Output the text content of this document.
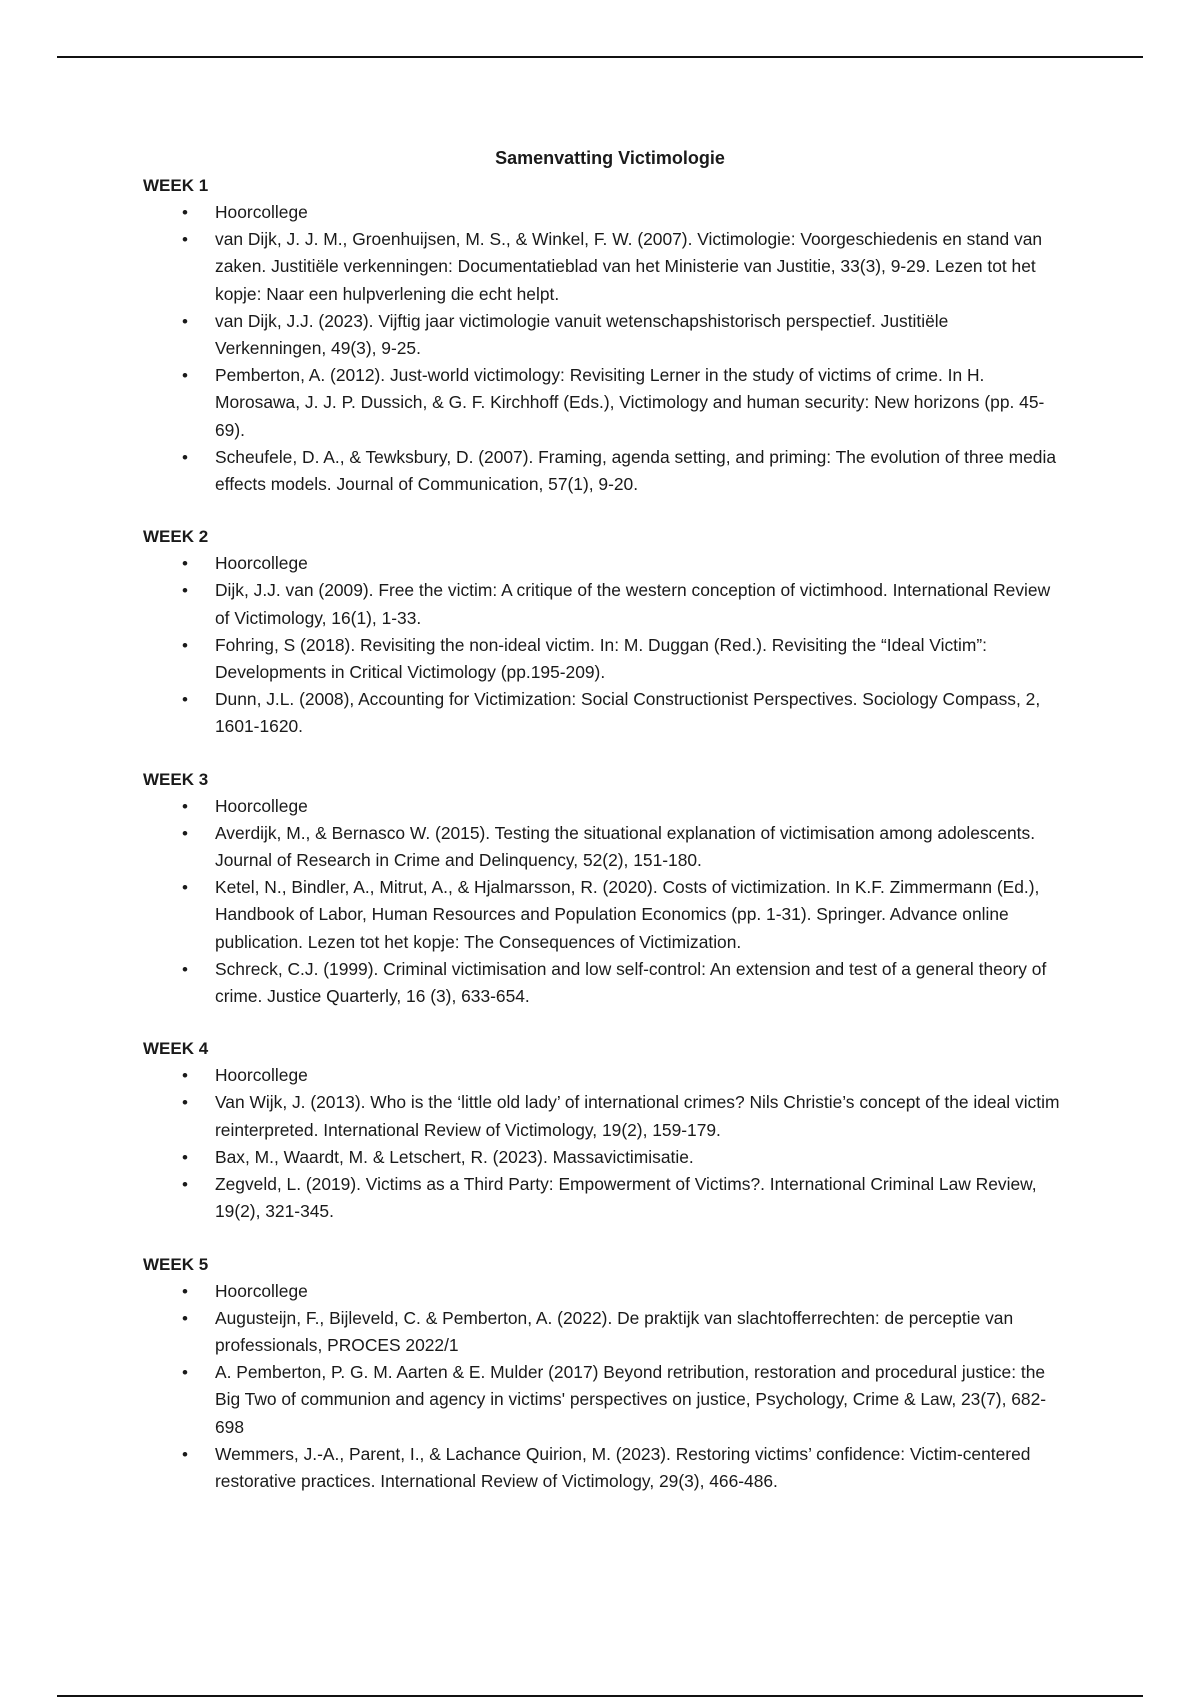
Samenvatting Victimologie
WEEK 1
• Hoorcollege
• van Dijk, J. J. M., Groenhuijsen, M. S., & Winkel, F. W. (2007). Victimologie: Voorgeschiedenis en stand van zaken. Justitiële verkenningen: Documentatieblad van het Ministerie van Justitie, 33(3), 9-29. Lezen tot het kopje: Naar een hulpverlening die echt helpt.
• van Dijk, J.J. (2023). Vijftig jaar victimologie vanuit wetenschapshistorisch perspectief. Justitiële Verkenningen, 49(3), 9-25.
• Pemberton, A. (2012). Just-world victimology: Revisiting Lerner in the study of victims of crime. In H. Morosawa, J. J. P. Dussich, & G. F. Kirchhoff (Eds.), Victimology and human security: New horizons (pp. 45-69).
• Scheufele, D. A., & Tewksbury, D. (2007). Framing, agenda setting, and priming: The evolution of three media effects models. Journal of Communication, 57(1), 9-20.
WEEK 2
• Hoorcollege
• Dijk, J.J. van (2009). Free the victim: A critique of the western conception of victimhood. International Review of Victimology, 16(1), 1-33.
• Fohring, S (2018). Revisiting the non-ideal victim. In: M. Duggan (Red.). Revisiting the “Ideal Victim”: Developments in Critical Victimology (pp.195-209).
• Dunn, J.L. (2008), Accounting for Victimization: Social Constructionist Perspectives. Sociology Compass, 2, 1601-1620.
WEEK 3
• Hoorcollege
• Averdijk, M., & Bernasco W. (2015). Testing the situational explanation of victimisation among adolescents. Journal of Research in Crime and Delinquency, 52(2), 151-180.
• Ketel, N., Bindler, A., Mitrut, A., & Hjalmarsson, R. (2020). Costs of victimization. In K.F. Zimmermann (Ed.), Handbook of Labor, Human Resources and Population Economics (pp. 1-31). Springer. Advance online publication. Lezen tot het kopje: The Consequences of Victimization.
• Schreck, C.J. (1999). Criminal victimisation and low self-control: An extension and test of a general theory of crime. Justice Quarterly, 16 (3), 633-654.
WEEK 4
• Hoorcollege
• Van Wijk, J. (2013). Who is the ‘little old lady’ of international crimes? Nils Christie’s concept of the ideal victim reinterpreted. International Review of Victimology, 19(2), 159-179.
• Bax, M., Waardt, M. & Letschert, R. (2023). Massavictimisatie.
• Zegveld, L. (2019). Victims as a Third Party: Empowerment of Victims?. International Criminal Law Review, 19(2), 321-345.
WEEK 5
• Hoorcollege
• Augusteijn, F., Bijleveld, C. & Pemberton, A. (2022). De praktijk van slachtofferrechten: de perceptie van professionals, PROCES 2022/1
• A. Pemberton, P. G. M. Aarten & E. Mulder (2017) Beyond retribution, restoration and procedural justice: the Big Two of communion and agency in victims' perspectives on justice, Psychology, Crime & Law, 23(7), 682-698
• Wemmers, J.-A., Parent, I., & Lachance Quirion, M. (2023). Restoring victims’ confidence: Victim-centered restorative practices. International Review of Victimology, 29(3), 466-486.
